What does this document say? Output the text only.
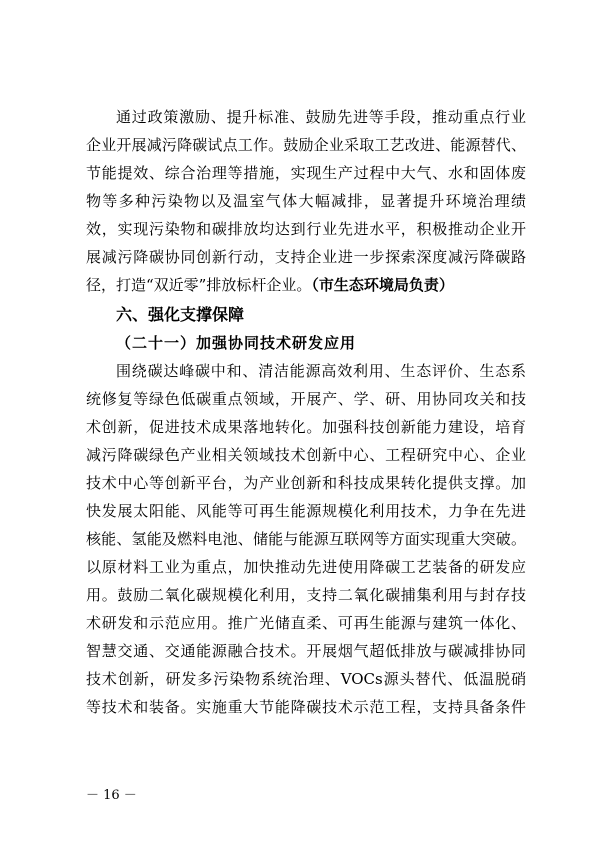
通过政策激励、提升标准、鼓励先进等手段，推动重点行业
企业开展减污降碳试点工作。鼓励企业采取工艺改进、能源替代、
节能提效、综合治理等措施，实现生产过程中大气、水和固体废
物等多种污染物以及温室气体大幅减排，显著提升环境治理绩
效，实现污染物和碳排放均达到行业先进水平，积极推动企业开
展减污降碳协同创新行动，支持企业进一步探索深度减污降碳路
径，打造“双近零”排放标杆企业。（市生态环境局负责）
六、强化支撑保障
（二十一）加强协同技术研发应用
围绕碳达峰碳中和、清洁能源高效利用、生态评价、生态系
统修复等绿色低碳重点领域，开展产、学、研、用协同攻关和技
术创新，促进技术成果落地转化。加强科技创新能力建设，培育
减污降碳绿色产业相关领域技术创新中心、工程研究中心、企业
技术中心等创新平台，为产业创新和科技成果转化提供支撑。加
快发展太阳能、风能等可再生能源规模化利用技术，力争在先进
核能、氢能及燃料电池、储能与能源互联网等方面实现重大突破。
以原材料工业为重点，加快推动先进使用降碳工艺装备的研发应
用。鼓励二氧化碳规模化利用，支持二氧化碳捕集利用与封存技
术研发和示范应用。推广光储直柔、可再生能源与建筑一体化、
智慧交通、交通能源融合技术。开展烟气超低排放与碳减排协同
技术创新，研发多污染物系统治理、VOCs源头替代、低温脱硝
等技术和装备。实施重大节能降碳技术示范工程，支持具备条件
－ 16 －
